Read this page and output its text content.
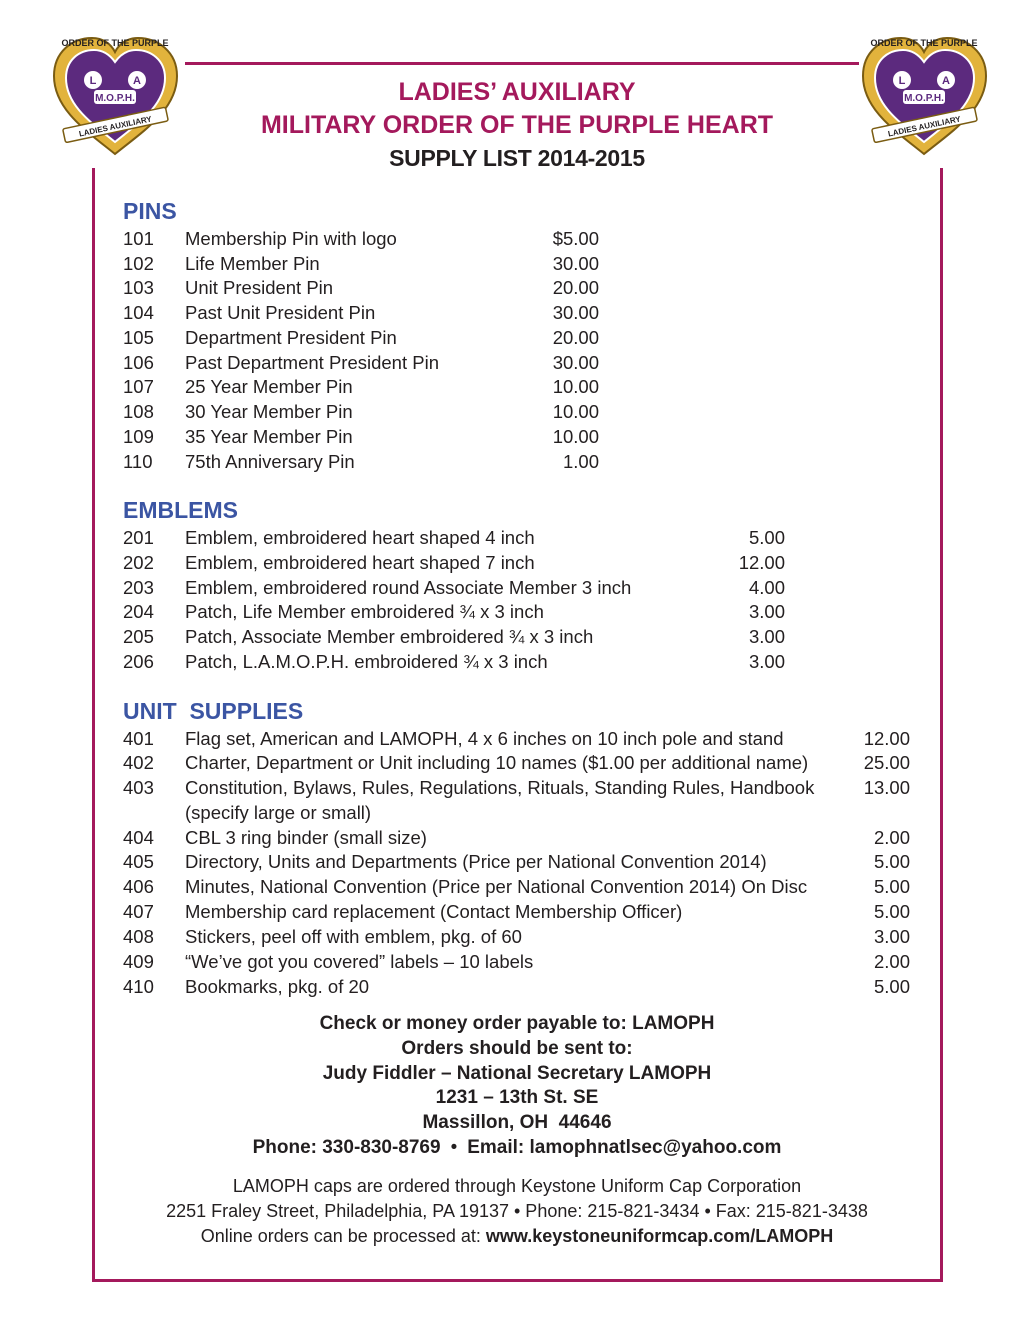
ORDER OF THE PURPLE
L	A
M.O.P.H.
LADIES AUXILIARY
ORDER OF THE PURPLE
L	A
M.O.P.H.
LADIES AUXILIARY
LADIES’ AUXILIARY
MILITARY ORDER OF THE PURPLE HEART
SUPPLY LIST 2014-2015
PINS
101	Membership Pin with logo	$5.00
102	Life Member Pin	30.00
103	Unit President Pin	20.00
104	Past Unit President Pin	30.00
105	Department President Pin	20.00
106	Past Department President Pin	30.00
107	25 Year Member Pin	10.00
108	30 Year Member Pin	10.00
109	35 Year Member Pin	10.00
110	75th Anniversary Pin	1.00
EMBLEMS
201	Emblem, embroidered heart shaped 4 inch	5.00
202	Emblem, embroidered heart shaped 7 inch	12.00
203	Emblem, embroidered round Associate Member 3 inch	4.00
204	Patch, Life Member embroidered ¾ x 3 inch	3.00
205	Patch, Associate Member embroidered ¾ x 3 inch	3.00
206	Patch, L.A.M.O.P.H. embroidered ¾ x 3 inch	3.00
UNIT  SUPPLIES
401	Flag set, American and LAMOPH, 4 x 6 inches on 10 inch pole and stand	12.00
402	Charter, Department or Unit including 10 names ($1.00 per additional name)	25.00
403	Constitution, Bylaws, Rules, Regulations, Rituals, Standing Rules, Handbook	13.00
(specify large or small)
404	CBL 3 ring binder (small size)	2.00
405	Directory, Units and Departments (Price per National Convention 2014)	5.00
406	Minutes, National Convention (Price per National Convention 2014) On Disc	5.00
407	Membership card replacement (Contact Membership Officer)	5.00
408	Stickers, peel off with emblem, pkg. of 60	3.00
409	“We’ve got you covered” labels – 10 labels	2.00
410	Bookmarks, pkg. of 20	5.00
Check or money order payable to: LAMOPH
Orders should be sent to:
Judy Fiddler – National Secretary LAMOPH
1231 – 13th St. SE
Massillon, OH  44646
Phone: 330-830-8769 • Email: lamophnatlsec@yahoo.com
LAMOPH caps are ordered through Keystone Uniform Cap Corporation
2251 Fraley Street, Philadelphia, PA 19137 • Phone: 215-821-3434 • Fax: 215-821-3438
Online orders can be processed at: www.keystoneuniformcap.com/LAMOPH
